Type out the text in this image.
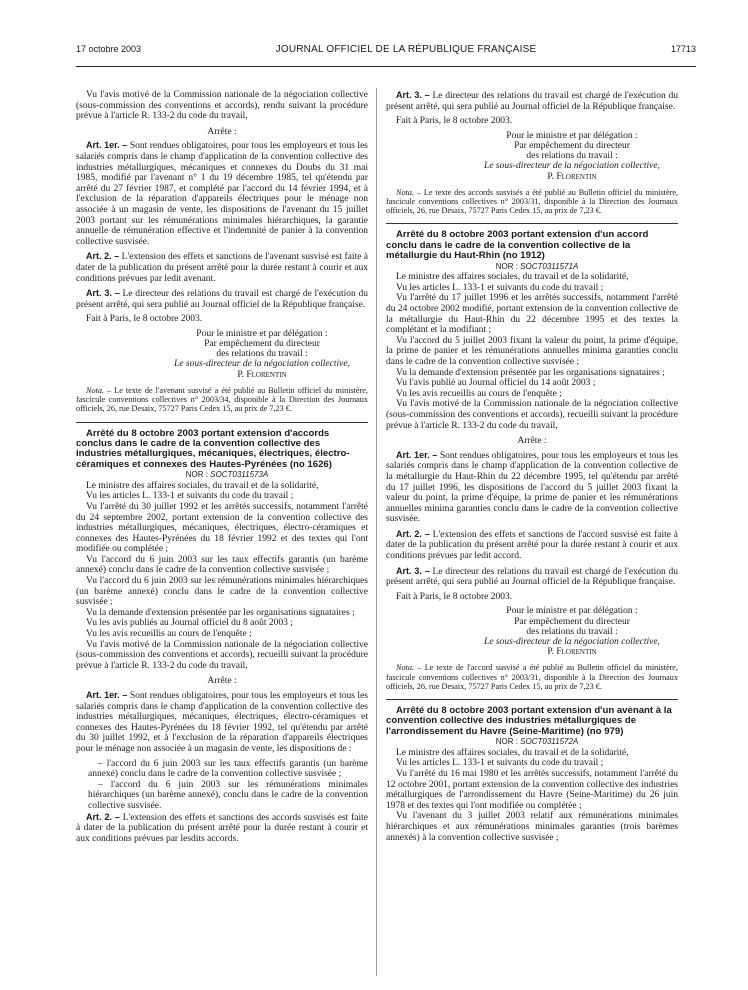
17 octobre 2003	JOURNAL OFFICIEL DE LA RÉPUBLIQUE FRANÇAISE	17713

Vu l'avis motivé de la Commission nationale de la négociation collective (sous-commission des conventions et accords), rendu suivant la procédure prévue à l'article R. 133-2 du code du travail,

Arrête :

Art. 1er. – Sont rendues obligatoires, pour tous les employeurs et tous les salariés compris dans le champ d'application de la convention collective des industries métallurgiques, mécaniques et connexes du Doubs du 31 mai 1985, modifié par l'avenant n° 1 du 19 décembre 1985, tel qu'étendu par arrêté du 27 février 1987, et complété par l'accord du 14 février 1994, et à l'exclusion de la réparation d'appareils électriques pour le ménage non associée à un magasin de vente, les dispositions de l'avenant du 15 juillet 2003 portant sur les rémunérations minimales hiérarchiques, la garantie annuelle de rémunération effective et l'indemnité de panier à la convention collective susvisée.

Art. 2. – L'extension des effets et sanctions de l'avenant susvisé est faite à dater de la publication du présent arrêté pour la durée restant à courir et aux conditions prévues par ledit avenant.

Art. 3. – Le directeur des relations du travail est chargé de l'exécution du présent arrêté, qui sera publié au Journal officiel de la République française.

Fait à Paris, le 8 octobre 2003.

Pour le ministre et par délégation :
Par empêchement du directeur
des relations du travail :
Le sous-directeur de la négociation collective,
P. Florentin

Nota. – Le texte de l'avenant susvisé a été publié au Bulletin officiel du ministère, fascicule conventions collectives n° 2003/34, disponible à la Direction des Journaux officiels, 26, rue Desaix, 75727 Paris Cedex 15, au prix de 7,23 €.

Arrêté du 8 octobre 2003 portant extension d'accords conclus dans le cadre de la convention collective des industries métallurgiques, mécaniques, électriques, électro-céramiques et connexes des Hautes-Pyrénées (no 1626)

NOR : SOCT0311573A

Le ministre des affaires sociales, du travail et de la solidarité,

Vu les articles L. 133-1 et suivants du code du travail ;

Vu l'arrêté du 30 juillet 1992 et les arrêtés successifs, notamment l'arrêté du 24 septembre 2002, portant extension de la convention collective des industries métallurgiques, mécaniques, électriques, électro-céramiques et connexes des Hautes-Pyrénées du 18 février 1992 et des textes qui l'ont modifiée ou complétée ;

Vu l'accord du 6 juin 2003 sur les taux effectifs garantis (un barème annexé) conclu dans le cadre de la convention collective susvisée ;

Vu l'accord du 6 juin 2003 sur les rémunérations minimales hiérarchiques (un barème annexé) conclu dans le cadre de la convention collective susvisée ;

Vu la demande d'extension présentée par les organisations signataires ;

Vu les avis publiés au Journal officiel du 8 août 2003 ;

Vu les avis recueillis au cours de l'enquête ;

Vu l'avis motivé de la Commission nationale de la négociation collective (sous-commission des conventions et accords), recueilli suivant la procédure prévue à l'article R. 133-2 du code du travail,

Arrête :

Art. 1er. – Sont rendues obligatoires, pour tous les employeurs et tous les salariés compris dans le champ d'application de la convention collective des industries métallurgiques, mécaniques, électriques, électro-céramiques et connexes des Hautes-Pyrénées du 18 février 1992, tel qu'étendu par arrêté du 30 juillet 1992, et à l'exclusion de la réparation d'appareils électriques pour le ménage non associée à un magasin de vente, les dispositions de :

– l'accord du 6 juin 2003 sur les taux effectifs garantis (un barème annexé) conclu dans le cadre de la convention collective susvisée ;

– l'accord du 6 juin 2003 sur les rémunérations minimales hiérarchiques (un barème annexé), conclu dans le cadre de la convention collective susvisée.

Art. 2. – L'extension des effets et sanctions des accords susvisés est faite à dater de la publication du présent arrêté pour la durée restant à courir et aux conditions prévues par lesdits accords.

Art. 3. – Le directeur des relations du travail est chargé de l'exécution du présent arrêté, qui sera publié au Journal officiel de la République française.

Fait à Paris, le 8 octobre 2003.

Pour le ministre et par délégation :
Par empêchement du directeur
des relations du travail :
Le sous-directeur de la négociation collective,
P. Florentin

Nota. – Le texte des accords susvisés a été publié au Bulletin officiel du ministère, fascicule conventions collectives n° 2003/31, disponible à la Direction des Journaux officiels, 26, rue Desaix, 75727 Paris Cedex 15, au prix de 7,23 €.

Arrêté du 8 octobre 2003 portant extension d'un accord conclu dans le cadre de la convention collective de la métallurgie du Haut-Rhin (no 1912)

NOR : SOCT0311571A

Le ministre des affaires sociales, du travail et de la solidarité,

Vu les articles L. 133-1 et suivants du code du travail ;

Vu l'arrêté du 17 juillet 1996 et les arrêtés successifs, notamment l'arrêté du 24 octobre 2002 modifié, portant extension de la convention collective de la métallurgie du Haut-Rhin du 22 décembre 1995 et des textes la complétant et la modifiant ;

Vu l'accord du 5 juillet 2003 fixant la valeur du point, la prime d'équipe, la prime de panier et les rémunérations annuelles minima garanties conclu dans le cadre de la convention collective susvisée ;

Vu la demande d'extension présentée par les organisations signataires ;

Vu l'avis publié au Journal officiel du 14 août 2003 ;

Vu les avis recueillis au cours de l'enquête ;

Vu l'avis motivé de la Commission nationale de la négociation collective (sous-commission des conventions et accords), recueilli suivant la procédure prévue à l'article R. 133-2 du code du travail,

Arrête :

Art. 1er. – Sont rendues obligatoires, pour tous les employeurs et tous les salariés compris dans le champ d'application de la convention collective de la métallurgie du Haut-Rhin du 22 décembre 1995, tel qu'étendu par arrêté du 17 juillet 1996, les dispositions de l'accord du 5 juillet 2003 fixant la valeur du point, la prime d'équipe, la prime de panier et les rémunérations annuelles minima garanties conclu dans le cadre de la convention collective susvisée.

Art. 2. – L'extension des effets et sanctions de l'accord susvisé est faite à dater de la publication du présent arrêté pour la durée restant à courir et aux conditions prévues par ledit accord.

Art. 3. – Le directeur des relations du travail est chargé de l'exécution du présent arrêté, qui sera publié au Journal officiel de la République française.

Fait à Paris, le 8 octobre 2003.

Pour le ministre et par délégation :
Par empêchement du directeur
des relations du travail :
Le sous-directeur de la négociation collective,
P. Florentin

Nota. – Le texte de l'accord susvisé a été publié au Bulletin officiel du ministère, fascicule conventions collectives n° 2003/31, disponible à la Direction des Journaux officiels, 26, rue Desaix, 75727 Paris Cedex 15, au prix de 7,23 €.

Arrêté du 8 octobre 2003 portant extension d'un avenant à la convention collective des industries métallurgiques de l'arrondissement du Havre (Seine-Maritime) (no 979)

NOR : SOCT0311572A

Le ministre des affaires sociales, du travail et de la solidarité,

Vu les articles L. 133-1 et suivants du code du travail ;

Vu l'arrêté du 16 mai 1980 et les arrêtés successifs, notamment l'arrêté du 12 octobre 2001, portant extension de la convention collective des industries métallurgiques de l'arrondissement du Havre (Seine-Maritime) du 26 juin 1978 et des textes qui l'ont modifiée ou complétée ;

Vu l'avenant du 3 juillet 2003 relatif aux rémunérations minimales hiérarchiques et aux rémunérations minimales garanties (trois barèmes annexés) à la convention collective susvisée ;
